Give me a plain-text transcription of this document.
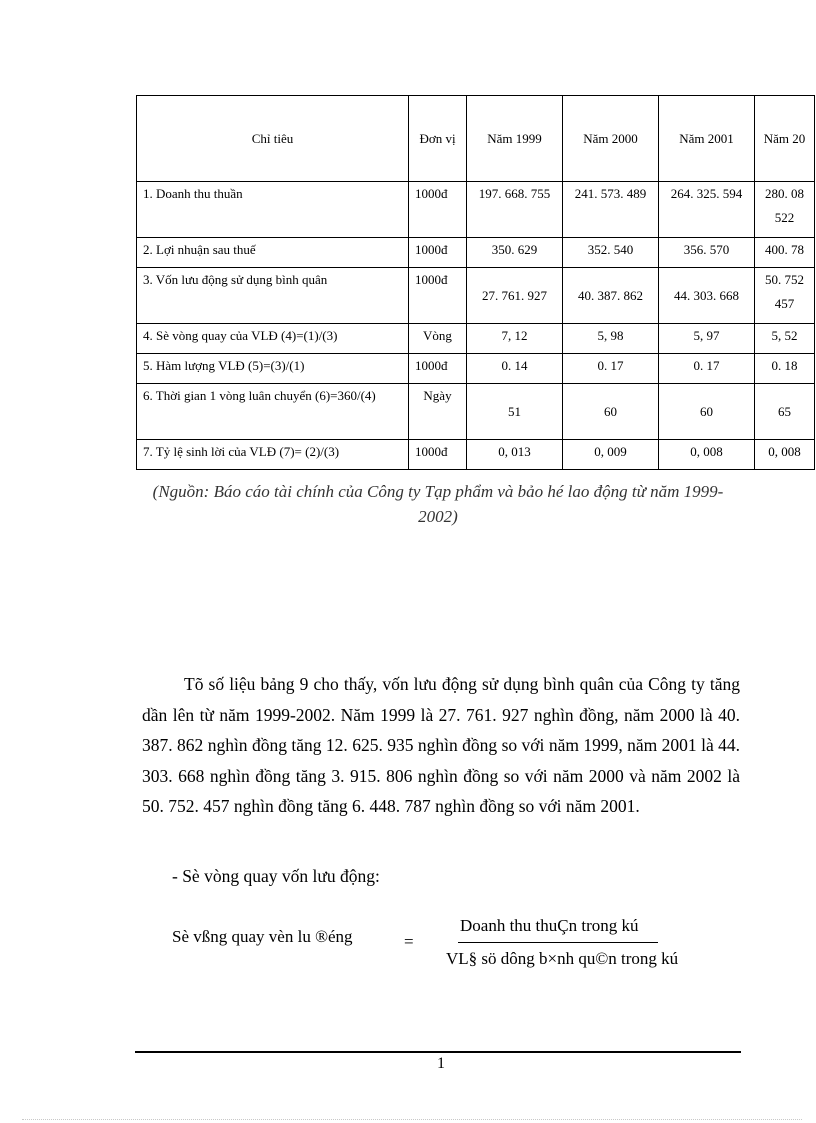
Chỉ tiêu	Đơn vị	Năm 1999	Năm 2000	Năm 2001	Năm 20
1. Doanh thu thuần	1000đ	197. 668. 755	241. 573. 489	264. 325. 594	280. 08 522
2. Lợi nhuận sau thuế	1000đ	350. 629	352. 540	356. 570	400. 78
3. Vốn lưu động sử dụng bình quân	1000đ	27. 761. 927	40. 387. 862	44. 303. 668	50. 752 457
4. Sè vòng quay của VLĐ (4)=(1)/(3)	Vòng	7, 12	5, 98	5, 97	5, 52
5. Hàm lượng VLĐ (5)=(3)/(1)	1000đ	0. 14	0. 17	0. 17	0. 18
6. Thời gian 1 vòng luân chuyển (6)=360/(4)	Ngày	51	60	60	65
7. Tỷ lệ sinh lời của VLĐ (7)= (2)/(3)	1000đ	0, 013	0, 009	0, 008	0, 008
(Nguồn: Báo cáo tài chính của Công ty Tạp phẩm và bảo hé lao động từ năm 1999-2002)

Tõ số liệu bảng 9 cho thấy, vốn lưu động sử dụng bình quân của Công ty tăng dần lên từ năm 1999-2002. Năm 1999 là 27. 761. 927 nghìn đồng, năm 2000 là 40. 387. 862 nghìn đồng tăng 12. 625. 935 nghìn đồng so với năm 1999, năm 2001 là 44. 303. 668 nghìn đồng tăng 3. 915. 806 nghìn đồng so với năm 2000 và năm 2002 là 50. 752. 457 nghìn đồng tăng 6. 448. 787 nghìn đồng so với năm 2001.

- Sè vòng quay vốn lưu động:
Sè vßng quay vèn lu ®éng	=
Doanh thu thuÇn trong kú
VL§ sö dông b×nh qu©n trong kú
1
